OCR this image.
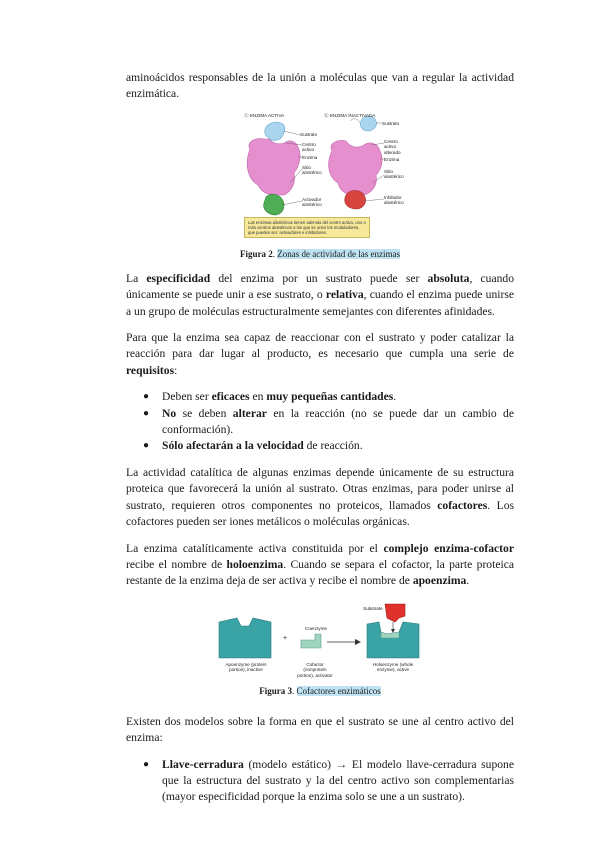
aminoácidos responsables de la unión a moléculas que van a regular la actividad enzimática.

ⓐ ENZIMA ACTIVA	ⓑ ENZIMA INACTIVADA
Sustrato
Centro activo
Enzima
Sitio alostérico
Activador alostérico
Sustrato
Centro activo alterado
Enzima
Sitio alostérico
Inhibidor alostérico
Las enzimas alostéricas tienen además del centro activo, uno o más centros alostéricos a los que se unen los moduladores, que pueden ser: activadores e inhibidores.
Figura 2. Zonas de actividad de las enzimas

La especificidad del enzima por un sustrato puede ser absoluta, cuando únicamente se puede unir a ese sustrato, o relativa, cuando el enzima puede unirse a un grupo de moléculas estructuralmente semejantes con diferentes afinidades.

Para que la enzima sea capaz de reaccionar con el sustrato y poder catalizar la reacción para dar lugar al producto, es necesario que cumpla una serie de requisitos:

● Deben ser eficaces en muy pequeñas cantidades.
● No se deben alterar en la reacción (no se puede dar un cambio de conformación).
● Sólo afectarán a la velocidad de reacción.

La actividad catalítica de algunas enzimas depende únicamente de su estructura proteica que favorecerá la unión al sustrato. Otras enzimas, para poder unirse al sustrato, requieren otros componentes no proteicos, llamados cofactores. Los cofactores pueden ser iones metálicos o moléculas orgánicas.

La enzima catalíticamente activa constituida por el complejo enzima-cofactor recibe el nombre de holoenzima. Cuando se separa el cofactor, la parte proteica restante de la enzima deja de ser activa y recibe el nombre de apoenzima.

+
Coenzyme
Substrate
Apoenzyme (protein portion), inactive
Cofactor (nonprotein portion), activator
Holoenzyme (whole enzyme), active
Figura 3. Cofactores enzimáticos

Existen dos modelos sobre la forma en que el sustrato se une al centro activo del enzima:

● Llave-cerradura (modelo estático) → El modelo llave-cerradura supone que la estructura del sustrato y la del centro activo son complementarias (mayor especificidad porque la enzima solo se une a un sustrato).
